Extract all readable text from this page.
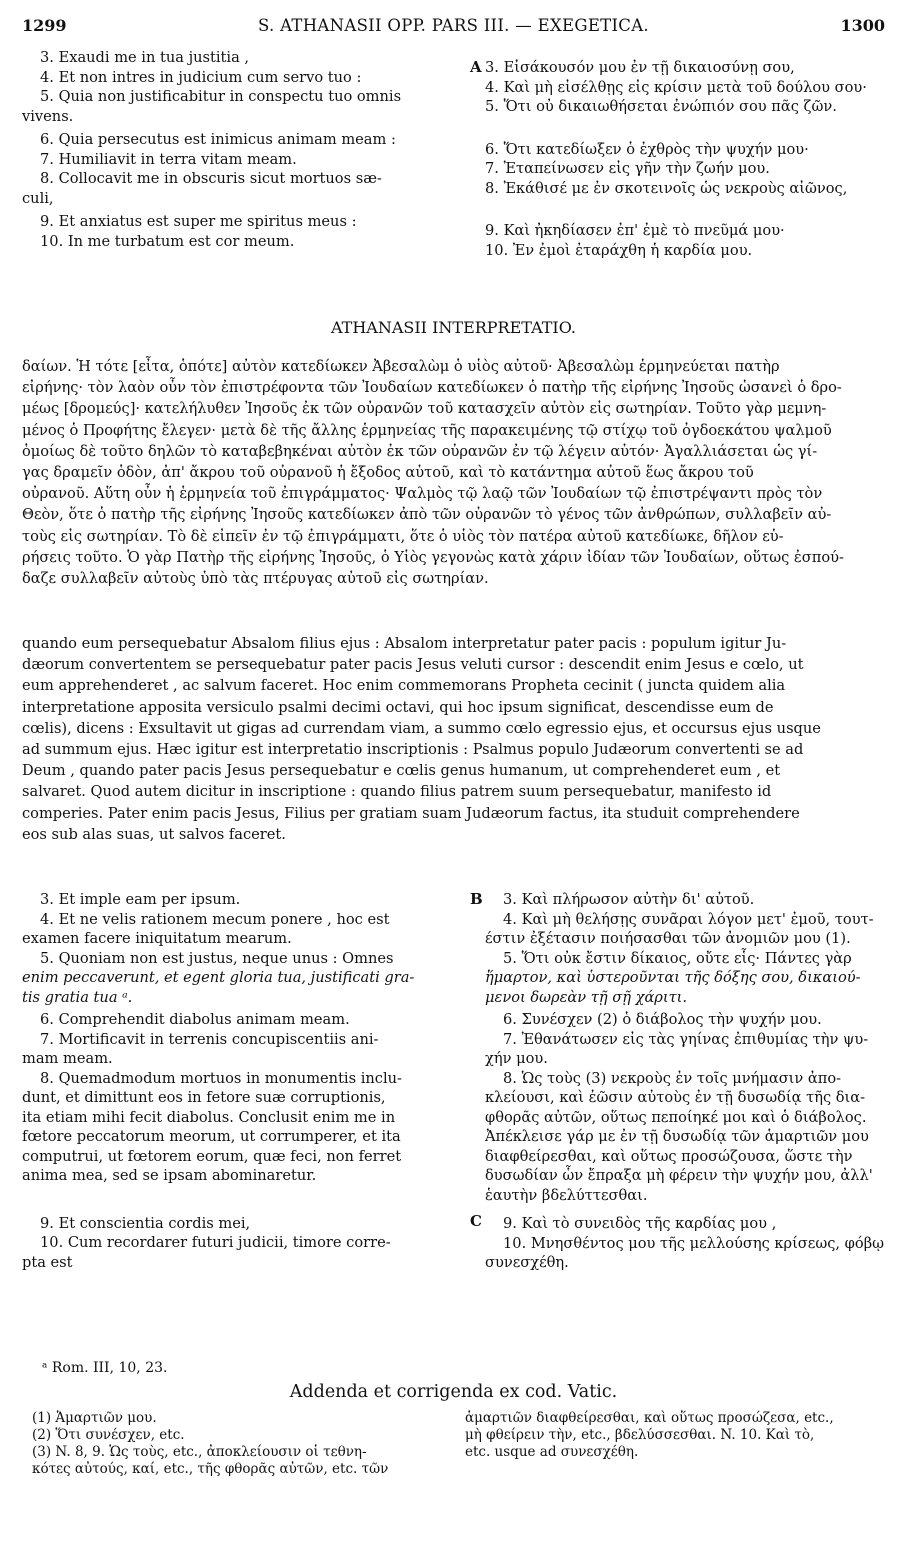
1299	S. ATHANASII OPP. PARS III. — EXEGETICA.	1300
A
3. Exaudi me in tua justitia ,
4. Et non intres in judicium cum servo tuo :
5. Quia non justificabitur in conspectu tuo omnis
vivens.
6. Quia persecutus est inimicus animam meam :
7. Humiliavit in terra vitam meam.
8. Collocavit me in obscuris sicut mortuos sæ-
culi,
9. Et anxiatus est super me spiritus meus :
10. In me turbatum est cor meum.
3. Εἰσάκουσόν μου ἐν τῇ δικαιοσύνῃ σου,
4. Καὶ μὴ εἰσέλθῃς εἰς κρίσιν μετὰ τοῦ δούλου σου·
5. Ὅτι οὐ δικαιωθήσεται ἐνώπιόν σου πᾶς ζῶν.
6. Ὅτι κατεδίωξεν ὁ ἐχθρὸς τὴν ψυχήν μου·
7. Ἐταπείνωσεν εἰς γῆν τὴν ζωήν μου.
8. Ἐκάθισέ με ἐν σκοτεινοῖς ὡς νεκροὺς αἰῶνος,
9. Καὶ ἠκηδίασεν ἐπ' ἐμὲ τὸ πνεῦμά μου·
10. Ἐν ἐμοὶ ἐταράχθη ἡ καρδία μου.
ATHANASII INTERPRETATIO.
δαίων. Ἡ τότε [εἶτα, ὁπότε] αὐτὸν κατεδίωκεν Ἀβεσαλὼμ ὁ υἱὸς αὐτοῦ· Ἀβεσαλὼμ ἑρμηνεύεται πατὴρ
εἰρήνης· τὸν λαὸν οὖν τὸν ἐπιστρέφοντα τῶν Ἰουδαίων κατεδίωκεν ὁ πατὴρ τῆς εἰρήνης Ἰησοῦς ὡσανεὶ ὁ δρο-
μέως [δρομεύς]· κατελήλυθεν Ἰησοῦς ἐκ τῶν οὐρανῶν τοῦ κατασχεῖν αὐτὸν εἰς σωτηρίαν. Τοῦτο γὰρ μεμνη-
μένος ὁ Προφήτης ἔλεγεν· μετὰ δὲ τῆς ἄλλης ἑρμηνείας τῆς παρακειμένης τῷ στίχῳ τοῦ ὀγδοεκάτου ψαλμοῦ
ὁμοίως δὲ τοῦτο δηλῶν τὸ καταβεβηκέναι αὐτὸν ἐκ τῶν οὐρανῶν ἐν τῷ λέγειν αὐτόν· Ἀγαλλιάσεται ὡς γί-
γας δραμεῖν ὁδὸν, ἀπ' ἄκρου τοῦ οὐρανοῦ ἡ ἔξοδος αὐτοῦ, καὶ τὸ κατάντημα αὐτοῦ ἕως ἄκρου τοῦ
οὐρανοῦ. Αὕτη οὖν ἡ ἑρμηνεία τοῦ ἐπιγράμματος· Ψαλμὸς τῷ λαῷ τῶν Ἰουδαίων τῷ ἐπιστρέψαντι πρὸς τὸν
Θεὸν, ὅτε ὁ πατὴρ τῆς εἰρήνης Ἰησοῦς κατεδίωκεν ἀπὸ τῶν οὐρανῶν τὸ γένος τῶν ἀνθρώπων, συλλαβεῖν αὐ-
τοὺς εἰς σωτηρίαν. Τὸ δὲ εἰπεῖν ἐν τῷ ἐπιγράμματι, ὅτε ὁ υἱὸς τὸν πατέρα αὐτοῦ κατεδίωκε, δῆλον εὑ-
ρήσεις τοῦτο. Ὁ γὰρ Πατὴρ τῆς εἰρήνης Ἰησοῦς, ὁ Υἱὸς γεγονὼς κατὰ χάριν ἰδίαν τῶν Ἰουδαίων, οὕτως ἐσπού-
δαζε συλλαβεῖν αὐτοὺς ὑπὸ τὰς πτέρυγας αὐτοῦ εἰς σωτηρίαν.
quando eum persequebatur Absalom filius ejus : Absalom interpretatur pater pacis : populum igitur Ju-
dæorum convertentem se persequebatur pater pacis Jesus veluti cursor : descendit enim Jesus e cœlo, ut
eum apprehenderet , ac salvum faceret. Hoc enim commemorans Propheta cecinit ( juncta quidem alia
interpretatione apposita versiculo psalmi decimi octavi, qui hoc ipsum significat, descendisse eum de
cœlis), dicens : Exsultavit ut gigas ad currendam viam, a summo cœlo egressio ejus, et occursus ejus usque
ad summum ejus. Hæc igitur est interpretatio inscriptionis : Psalmus populo Judæorum convertenti se ad
Deum , quando pater pacis Jesus persequebatur e cœlis genus humanum, ut comprehenderet eum , et
salvaret. Quod autem dicitur in inscriptione : quando filius patrem suum persequebatur, manifesto id
comperies. Pater enim pacis Jesus, Filius per gratiam suam Judæorum factus, ita studuit comprehendere
eos sub alas suas, ut salvos faceret.
B
C
3. Et imple eam per ipsum.
4. Et ne velis rationem mecum ponere , hoc est
examen facere iniquitatum mearum.
5. Quoniam non est justus, neque unus : Omnes
enim peccaverunt, et egent gloria tua, justificati gra-
tis gratia tua ᵃ.
6. Comprehendit diabolus animam meam.
7. Mortificavit in terrenis concupiscentiis ani-
mam meam.
8. Quemadmodum mortuos in monumentis inclu-
dunt, et dimittunt eos in fetore suæ corruptionis,
ita etiam mihi fecit diabolus. Conclusit enim me in
fœtore peccatorum meorum, ut corrumperer, et ita
computrui, ut fœtorem eorum, quæ feci, non ferret
anima mea, sed se ipsam abominaretur.
9. Et conscientia cordis mei,
10. Cum recordarer futuri judicii, timore corre-
pta est
3. Καὶ πλήρωσον αὐτὴν δι' αὐτοῦ.
4. Καὶ μὴ θελήσῃς συνᾶραι λόγον μετ' ἐμοῦ, τουτ-
έστιν ἐξέτασιν ποιήσασθαι τῶν ἀνομιῶν μου (1).
5. Ὅτι οὐκ ἔστιν δίκαιος, οὔτε εἷς· Πάντες γὰρ
ἥμαρτον, καὶ ὑστεροῦνται τῆς δόξης σου, δικαιού-
μενοι δωρεὰν τῇ σῇ χάριτι.
6. Συνέσχεν (2) ὁ διάβολος τὴν ψυχήν μου.
7. Ἐθανάτωσεν εἰς τὰς γηίνας ἐπιθυμίας τὴν ψυ-
χήν μου.
8. Ὡς τοὺς (3) νεκροὺς ἐν τοῖς μνήμασιν ἀπο-
κλείουσι, καὶ ἐῶσιν αὐτοὺς ἐν τῇ δυσωδίᾳ τῆς δια-
φθορᾶς αὐτῶν, οὕτως πεποίηκέ μοι καὶ ὁ διάβολος.
Ἀπέκλεισε γάρ με ἐν τῇ δυσωδίᾳ τῶν ἁμαρτιῶν μου
διαφθείρεσθαι, καὶ οὕτως προσώζουσα, ὥστε τὴν
δυσωδίαν ὧν ἔπραξα μὴ φέρειν τὴν ψυχήν μου, ἀλλ'
ἑαυτὴν βδελύττεσθαι.
9. Καὶ τὸ συνειδὸς τῆς καρδίας μου ,
10. Μνησθέντος μου τῆς μελλούσης κρίσεως, φόβῳ
συνεσχέθη.
ᵃ Rom. III, 10, 23.
Addenda et corrigenda ex cod. Vatic.
(1) Ἁμαρτιῶν μου.
(2) Ὅτι συνέσχεν, etc.
(3) N. 8, 9. Ὡς τοὺς, etc., ἀποκλείουσιν οἱ τεθνη-
κότες αὐτούς, καί, etc., τῆς φθορᾶς αὐτῶν, etc. τῶν
ἁμαρτιῶν διαφθείρεσθαι, καὶ οὕτως προσώζεσα, etc.,
μὴ φθείρειν τὴν, etc., βδελύσσεσθαι. N. 10. Καὶ τὸ,
etc. usque ad συνεσχέθη.
